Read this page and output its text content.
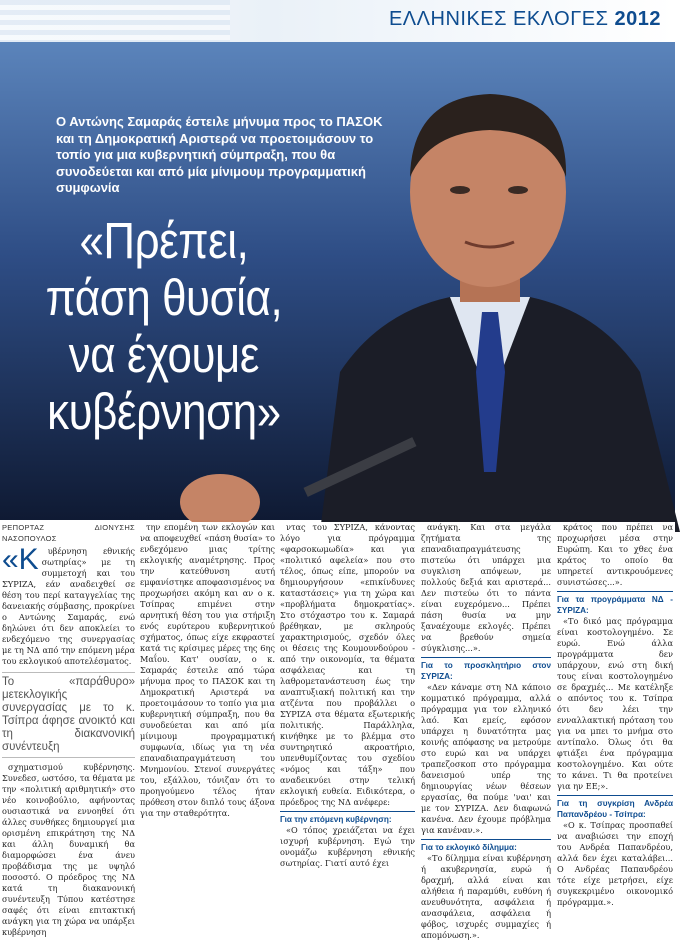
ΕΛΛΗΝΙΚΕΣ ΕΚΛΟΓΕΣ 2012
Ο Αντώνης Σαμαράς έστειλε μήνυμα προς το ΠΑΣΟΚ και τη Δημοκρατική Αριστερά να προετοιμάσουν το τοπίο για μια κυβερνητική σύμπραξη, που θα συνοδεύεται και από μία μίνιμουμ προγραμματική συμφωνία
«Πρέπει, πάση θυσία, να έχουμε κυβέρνηση»
ΡΕΠΟΡΤΑΖ ΔΙΟΝΥΣΗΣ ΝΑΣΟΠΟΥΛΟΣ
«Κ	υβέρνηση εθνικής σωτηρίας» με τη συμμετοχή και του ΣΥΡΙΖΑ, εάν αναδειχθεί σε θέση του περί καταγγελίας της δανειακής σύμβασης, προκρίνει ο Αντώνης Σαμαράς, ενώ δηλώνει ότι δεν αποκλείει το ενδεχόμενο της συνεργασίας με τη ΝΔ από την επόμενη μέρα του εκλογικού αποτελέσματος.

Το «παράθυρο» μετεκλογικής συνεργασίας με το κ. Τσίπρα άφησε ανοικτό και τη διακανονική συνέντευξη

σχηματισμού κυβέρνησης. Συνεδεσ, ωστόσο, τα θέματα με την «πολιτική αριθμητική» στο νέο κοινοβούλιο, αφήνοντας ουσιαστικά να εννοηθεί ότι άλλες συνθήκες δημιουργεί μια ορισμένη επικράτηση της ΝΔ και άλλη δυναμική θα διαμορφώσει ένα άνευ προβάδισμα της με υψηλό ποσοστό. Ο πρόεδρος της ΝΔ κατά τη διακανονική συνέντευξη Τύπου κατέστησε σαφές ότι είναι επιτακτική ανάγκη για τη χώρα να υπάρξει κυβέρνηση

την επομένη των εκλογών και να αποφευχθεί «πάση θυσία» το ενδεχόμενο μιας τρίτης εκλογικής αναμέτρησης. Προς την κατεύθυνση αυτή εμφανίστηκε αποφασισμένος να προχωρήσει ακόμη και αν ο κ. Τσίπρας επιμένει στην αρνητική θέση του για στήριξη ενός ευρύτερου κυβερνητικού σχήματος, όπως είχε εκφραστεί κατά τις κρίσιμες μέρες της 6ης Μαΐου. Κατ' ουσίαν, ο κ. Σαμαράς έστειλε από τώρα μήνυμα προς το ΠΑΣΟΚ και τη Δημοκρατική Αριστερά να προετοιμάσουν το τοπίο για μια κυβερνητική σύμπραξη, που θα συνοδεύεται και από μία μίνιμουμ προγραμματική συμφωνία, ιδίως για τη νέα επαναδιαπραγμάτευση του Μνημονίου. Στενοί συνεργάτες του, εξάλλου, τόνιζαν ότι το προηγούμενο τέλος ήταν πρόθεση στον διπλό τους άξονα για την σταθερότητα.

ντας του ΣΥΡΙΖΑ, κάνοντας λόγο για πρόγραμμα «φαρσοκωμωδία» και για «πολιτικό αφελεία» που στο τέλος, όπως είπε, μπορούν να δημιουργήσουν «επικίνδυνες καταστάσεις» για τη χώρα και «προβλήματα δημοκρατίας». Στο στόχαστρο του κ. Σαμαρά βρέθηκαν, με σκληρούς χαρακτηρισμούς, σχεδόν όλες οι θέσεις της Κουμουνδούρου - από την οικονομία, τα θέματα ασφάλειας και τη λαθρομετανάστευση έως την αναπτυξιακή πολιτική και την ατζέντα που προβάλλει ο ΣΥΡΙΖΑ στα θέματα εξωτερικής πολιτικής. Παράλληλα, κινήθηκε με το βλέμμα στο συντηρητικό ακροατήριο, υπενθυμίζοντας του σχεδίου «νόμος και τάξη» που αναδεικνύει στην τελική εκλογική ευθεία. Ειδικότερα, ο πρόεδρος της ΝΔ ανέφερε:

Για την επόμενη κυβέρνηση:

«Ο τόπος χρειάζεται να έχει ισχυρή κυβέρνηση. Εγώ την ονομάζω κυβέρνηση εθνικής σωτηρίας. Γιατί αυτό έχει

ανάγκη. Και στα μεγάλα ζητήματα της επαναδιαπραγμάτευσης πιστεύω ότι υπάρχει μια συγκλιση απόψεων, με πολλούς δεξιά και αριστερά... Δεν πιστεύω ότι το πάντα είναι ευχερόμενο... Πρέπει πάση θυσία να μην ξαναέχουμε εκλογές. Πρέπει να βρεθούν σημεία σύγκλισης...».

Για το προσκλητήριο στον ΣΥΡΙΖΑ:

«Δεν κάναμε στη ΝΔ κάποιο κομματικό πρόγραμμα, αλλά πρόγραμμα για τον ελληνικό λαό. Και εμείς, εφόσον υπάρχει η δυνατότητα μας κοινής απόφασης να μετρούμε στο ευρώ και να υπάρχει τραπεζοσκοπ στο πρόγραμμα δανεισμού υπέρ της δημιουργίας νέων θέσεων εργασίας, θα πούμε 'ναι' και με τον ΣΥΡΙΖΑ. Δεν διαφωνώ κανένα. Δεν έχουμε πρόβλημα για κανέναν.».

Για το εκλογικό δίλημμα:

«Το δίλημμα είναι κυβέρνηση ή ακυβερνησία, ευρώ ή δραχμή, αλλά είναι και αλήθεια ή παραμύθι, ευθύνη ή ανευθυνότητα, ασφάλεια ή ανασφάλεια, ασφάλεια ή φόβος, ισχυρές συμμαχίες ή απομόνωση.».

κράτος που πρέπει να προχωρήσει μέσα στην Ευρώπη. Και το χθες ένα κράτος το οποίο θα υπηρετεί αντικρουόμενες συνιστώσες...».

Για τα προγράμματα ΝΔ - ΣΥΡΙΖΑ:

«Το δικό μας πρόγραμμα είναι κοστολογημένο. Σε ευρώ. Ενώ άλλα προγράμματα δεν υπάρχουν, ενώ στη δική τους είναι κοστολογημένο σε δραχμές... Με κατέληξε ο απόντος του κ. Τσίπρα ότι δεν λέει την ενναλλακτική πρόταση του για να μπει το μνήμα στο αντίπαλο. Όλως ότι θα φτιάξει ένα πρόγραμμα κοστολογημένο. Και ούτε το κάνει. Τι θα προτείνει για ην ΕΕ;».

Για τη συγκρίση Ανδρέα Παπανδρέου - Τσίπρα:

«Ο κ. Τσίπρας προσπαθεί να αναβιώσει την εποχή του Ανδρέα Παπανδρέου, αλλά δεν έχει καταλάβει... Ο Ανδρέας Παπανδρέου τότε είχε μετρήσει, είχε συγκεκριμένο οικονομικό πρόγραμμα.».
